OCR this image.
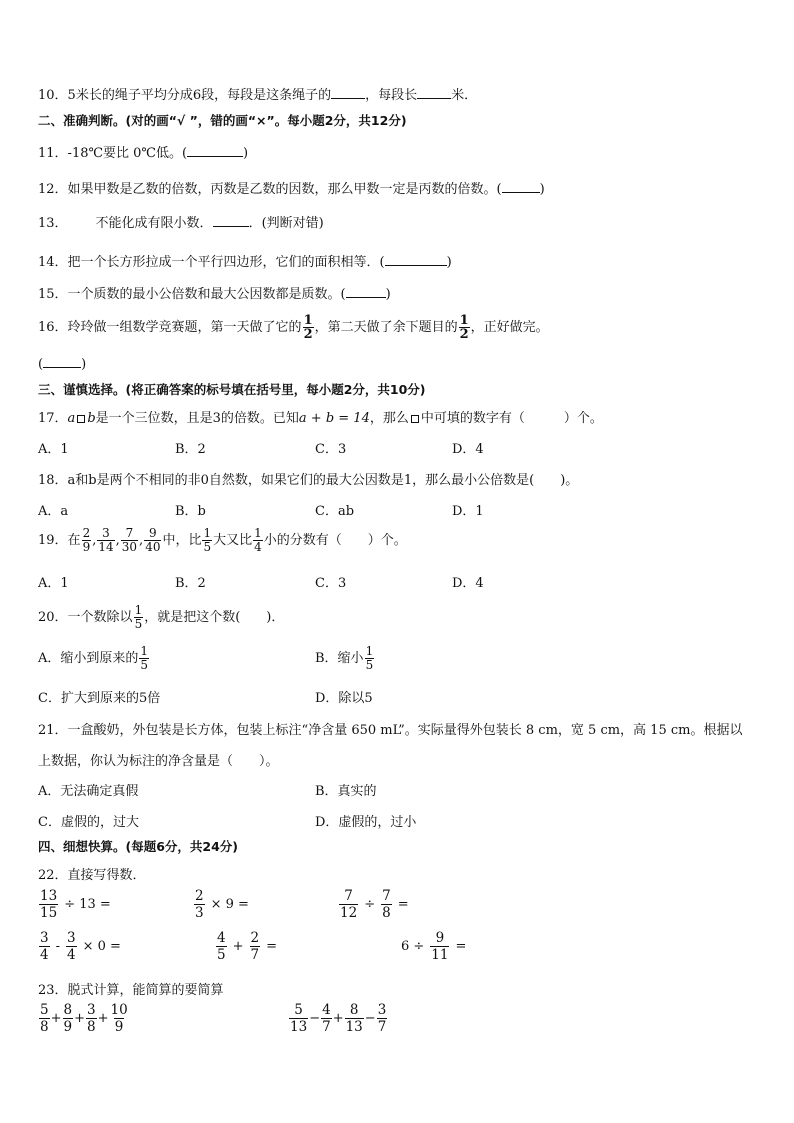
10．5米长的绳子平均分成6段，每段是这条绳子的	，每段长	米．
二、准确判断。(对的画“√ ”，错的画“×”。每小题2分，共12分)
11．-18℃要比 0℃低。(	)
12．如果甲数是乙数的倍数，丙数是乙数的因数，那么甲数一定是丙数的倍数。(	)
13． 不能化成有限小数．	．(判断对错)
14．把一个长方形拉成一个平行四边形，它们的面积相等．(	)
15．一个质数的最小公倍数和最大公因数都是质数。(	)
16．玲玲做一组数学竞赛题，第一天做了它的 $\frac{1}{2}$ ，第二天做了余下题目的 $\frac{1}{2}$ ，正好做完。
(	)
三、谨慎选择。(将正确答案的标号填在括号里，每小题2分，共10分)
17．a b是一个三位数，且是3的倍数。已知a + b = 14，那么 中可填的数字有（　　　）个。
A．1	B．2	C．3	D．4
18．a和b是两个不相同的非0自然数，如果它们的最大公因数是1，那么最小公倍数是(　　)。
A．a	B．b	C．ab	D．1
19．在 $\frac{2}{9}$ , $\frac{3}{14}$ , $\frac{7}{30}$ , $\frac{9}{40}$ 中，比 $\frac{1}{5}$ 大又比 $\frac{1}{4}$ 小的分数有（　　）个。
A．1	B．2	C．3	D．4
20．一个数除以 $\frac{1}{5}$ ，就是把这个数(　　)．
A．缩小到原来的 $\frac{1}{5}$	B．缩小 $\frac{1}{5}$
C．扩大到原来的5倍	D．除以5
21．一盒酸奶，外包装是长方体，包装上标注“净含量 650 mL”。实际量得外包装长 8 cm，宽 5 cm，高 15 cm。根据以
上数据，你认为标注的净含量是（　　）。
A．无法确定真假	B．真实的
C．虚假的，过大	D．虚假的，过小
四、细想快算。(每题6分，共24分)
22．直接写得数．
$\frac{13}{15} \div 13$ =	$\frac{2}{3} \times 9$ =	$\frac{7}{12} \div \frac{7}{8}$ =
$\frac{3}{4} - \frac{3}{4} \times 0$ =	$\frac{4}{5} + \frac{2}{7}$ =	$6 \div \frac{9}{11}$ =
23．脱式计算，能简算的要简算
$\frac{5}{8} + \frac{8}{9} + \frac{3}{8} + \frac{10}{9}$	$\frac{5}{13} - \frac{4}{7} + \frac{8}{13} - \frac{3}{7}$
